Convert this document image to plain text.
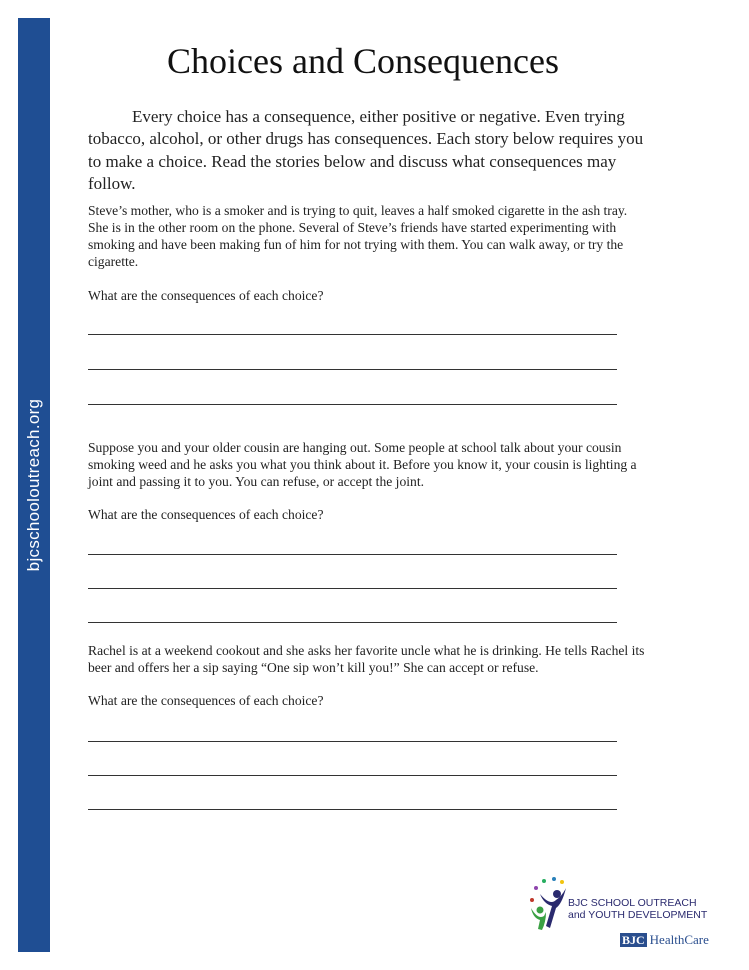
bjcschooloutreach.org
Choices and Consequences
Every choice has a consequence, either positive or negative. Even trying tobacco, alcohol, or other drugs has consequences. Each story below requires you to make a choice. Read the stories below and discuss what consequences may follow.
Steve’s mother, who is a smoker and is trying to quit, leaves a half smoked cigarette in the ash tray. She is in the other room on the phone. Several of Steve’s friends have started experimenting with smoking and have been making fun of him for not trying with them. You can walk away, or try the cigarette.
What are the consequences of each choice?
Suppose you and your older cousin are hanging out. Some people at school talk about your cousin smoking weed and he asks you what you think about it. Before you know it, your cousin is lighting a joint and passing it to you. You can refuse, or accept the joint.
What are the consequences of each choice?
Rachel is at a weekend cookout and she asks her favorite uncle what he is drinking. He tells Rachel its beer and offers her a sip saying “One sip won’t kill you!” She can accept or refuse.
What are the consequences of each choice?
BJC SCHOOL OUTREACH
and YOUTH DEVELOPMENT
BJC HealthCare
